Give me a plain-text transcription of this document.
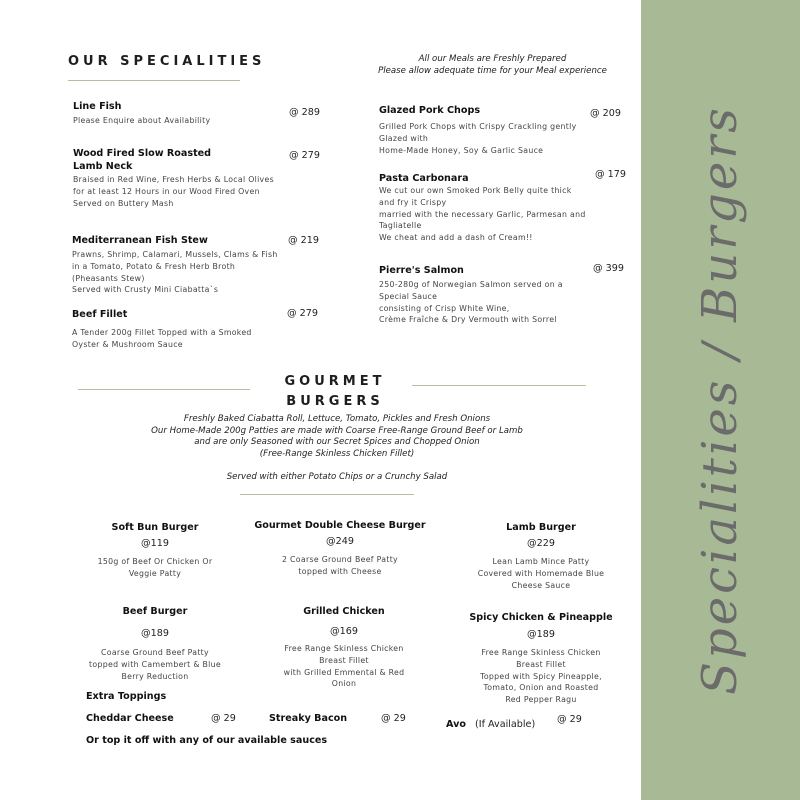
Specialities / Burgers
OUR SPECIALITIES	All our Meals are Freshly Prepared
Please allow adequate time for your Meal experience
Line Fish
Please Enquire about Availability
@ 289
Wood Fired Slow Roasted
Lamb Neck
Braised in Red Wine, Fresh Herbs & Local Olives
for at least 12 Hours in our Wood Fired Oven
Served on Buttery Mash
@ 279
Mediterranean Fish Stew
Prawns, Shrimp, Calamari, Mussels, Clams & Fish
in a Tomato, Potato & Fresh Herb Broth
(Pheasants Stew)
Served with Crusty Mini Ciabatta`s
@ 219
Beef Fillet
A Tender 200g Fillet Topped with a Smoked
Oyster & Mushroom Sauce
@ 279
Glazed Pork Chops
Grilled Pork Chops with Crispy Crackling gently
Glazed with
Home-Made Honey, Soy & Garlic Sauce
@ 209
Pasta Carbonara
We cut our own Smoked Pork Belly quite thick
and fry it Crispy
married with the necessary Garlic, Parmesan and
Tagliatelle
We cheat and add a dash of Cream!!
@ 179
Pierre's Salmon
250-280g of Norwegian Salmon served on a
Special Sauce
consisting of Crisp White Wine,
Crème Fraîche & Dry Vermouth with Sorrel
@ 399
GOURMET
BURGERS
Freshly Baked Ciabatta Roll, Lettuce, Tomato, Pickles and Fresh Onions
Our Home-Made 200g Patties are made with Coarse Free-Range Ground Beef or Lamb
and are only Seasoned with our Secret Spices and Chopped Onion
(Free-Range Skinless Chicken Fillet)
Served with either Potato Chips or a Crunchy Salad
Soft Bun Burger
@119
150g of Beef Or Chicken Or
Veggie Patty
Gourmet Double Cheese Burger
@249
2 Coarse Ground Beef Patty
topped with Cheese
Lamb Burger
@229
Lean Lamb Mince Patty
Covered with Homemade Blue
Cheese Sauce
Beef Burger
@189
Coarse Ground Beef Patty
topped with Camembert & Blue
Berry Reduction
Grilled Chicken
@169
Free Range Skinless Chicken
Breast Fillet
with Grilled Emmental & Red
Onion
Spicy Chicken & Pineapple
@189
Free Range Skinless Chicken
Breast Fillet
Topped with Spicy Pineapple,
Tomato, Onion and Roasted
Red Pepper Ragu
Extra Toppings
Cheddar Cheese	@ 29	Streaky Bacon	@ 29
Avo (If Available) @ 29
Or top it off with any of our available sauces
